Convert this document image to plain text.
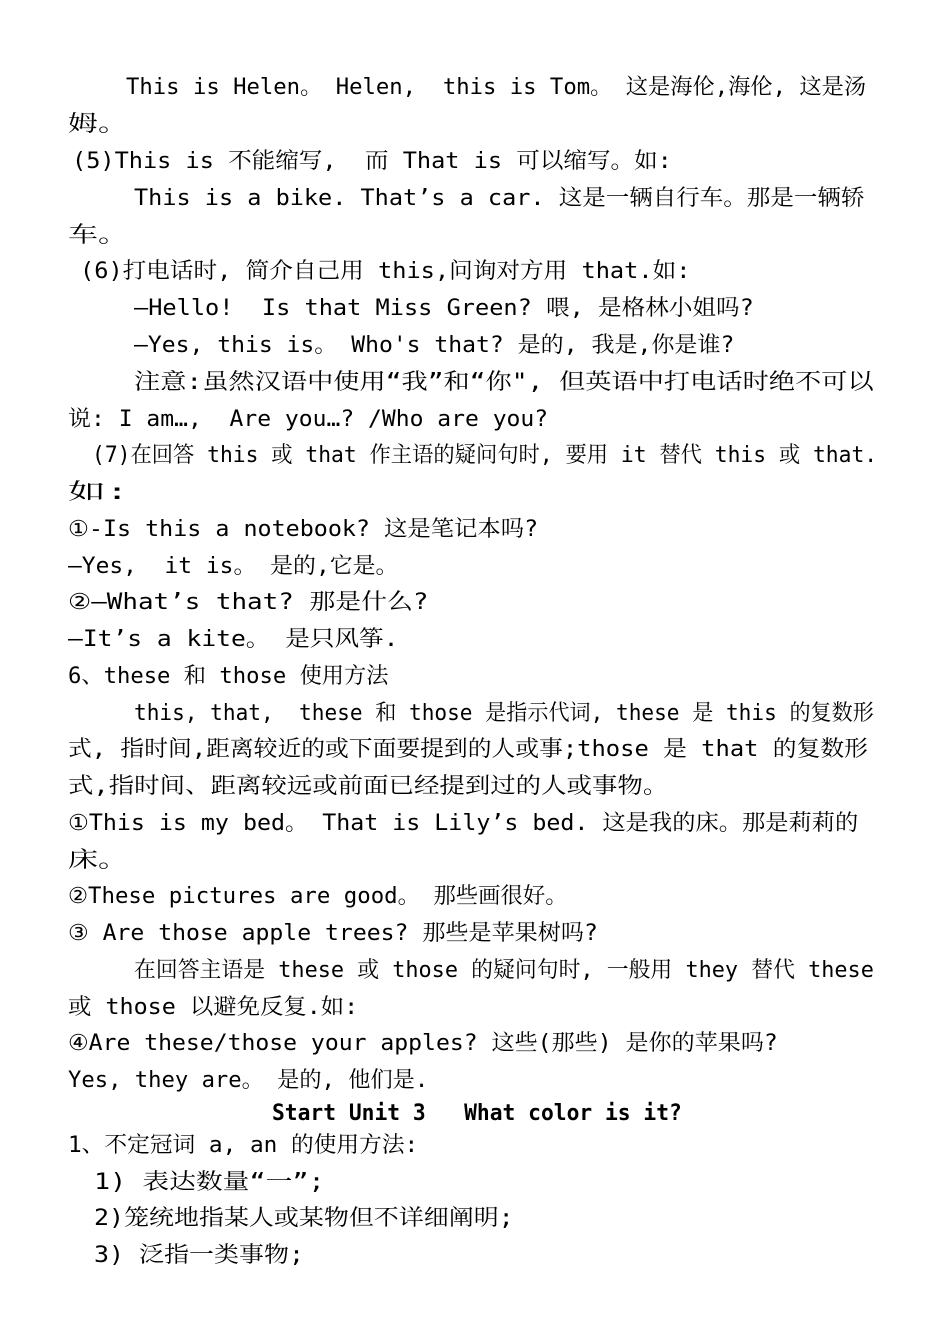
This is Helen。 Helen,  this is Tom。 这是海伦,海伦, 这是汤
姆。
(5)This is 不能缩写,  而 That is 可以缩写。如:
This is a bike. That’s a car. 这是一辆自行车。那是一辆轿
车。
(6)打电话时, 简介自己用 this,问询对方用 that.如:
—Hello!  Is that Miss Green? 喂, 是格林小姐吗?
—Yes, this is。 Who's that? 是的, 我是,你是谁?
注意:虽然汉语中使用“我”和“你", 但英语中打电话时绝不可以
说: I am…,  Are you…? /Who are you?
(7)在回答 this 或 that 作主语的疑问句时, 要用 it 替代 this 或 that.
如:
①-Is this a notebook? 这是笔记本吗?
—Yes,  it is。 是的,它是。
②—What’s that? 那是什么?
—It’s a kite。 是只风筝.
6、these 和 those 使用方法
this, that,  these 和 those 是指示代词, these 是 this 的复数形
式, 指时间,距离较近的或下面要提到的人或事;those 是 that 的复数形
式,指时间、距离较远或前面已经提到过的人或事物。
①This is my bed。 That is Lily’s bed. 这是我的床。那是莉莉的
床。
②These pictures are good。 那些画很好。
③ Are those apple trees? 那些是苹果树吗?
在回答主语是 these 或 those 的疑问句时, 一般用 they 替代 these
或 those 以避免反复.如:
④Are these/those your apples? 这些(那些) 是你的苹果吗?
Yes, they are。 是的, 他们是.
Start Unit 3   What color is it?
1、不定冠词 a, an 的使用方法:
1) 表达数量“一”;
2)笼统地指某人或某物但不详细阐明;
3) 泛指一类事物;
